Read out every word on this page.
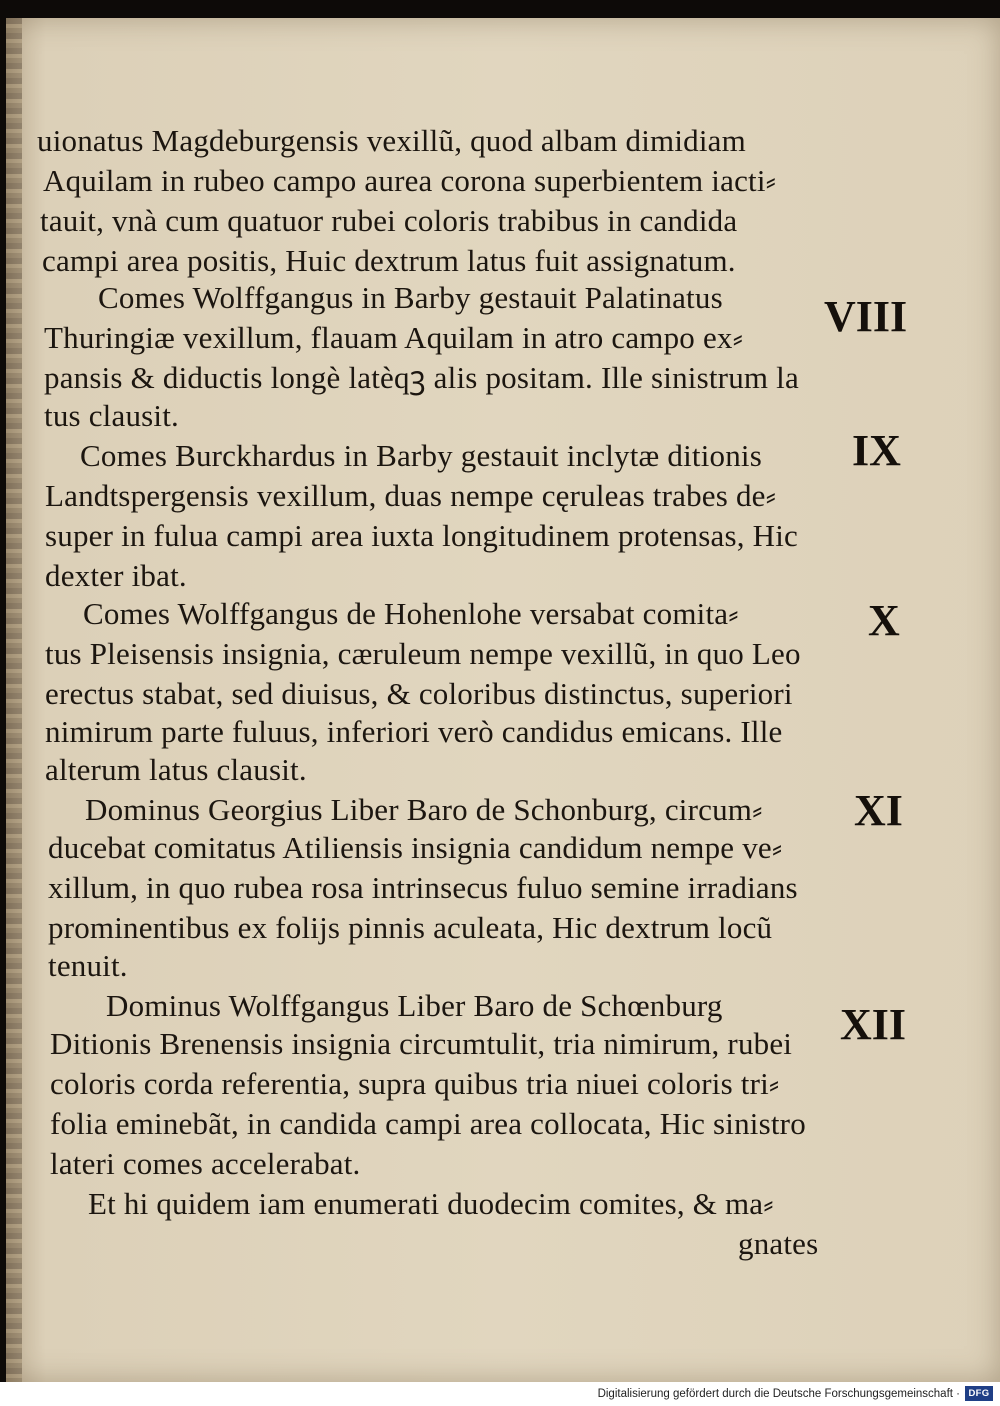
uionatus Magdeburgensis vexillũ, quod albam dimidiam
Aquilam in rubeo campo aurea corona superbientem iacti⸗
tauit, vnà cum quatuor rubei coloris trabibus in candida
campi area positis, Huic dextrum latus fuit assignatum.
Comes Wolffgangus in Barby gestauit Palatinatus
Thuringiæ vexillum, flauam Aquilam in atro campo ex⸗
pansis & diductis longè latèqꝫ alis positam. Ille sinistrum la
tus clausit.
Comes Burckhardus in Barby gestauit inclytæ ditionis
Landtspergensis vexillum, duas nempe cęruleas trabes de⸗
super in fulua campi area iuxta longitudinem protensas, Hic
dexter ibat.
Comes Wolffgangus de Hohenlohe versabat comita⸗
tus Pleisensis insignia, cæruleum nempe vexillũ, in quo Leo
erectus stabat, sed diuisus, & coloribus distinctus, superiori
nimirum parte fuluus, inferiori verò candidus emicans. Ille
alterum latus clausit.
Dominus Georgius Liber Baro de Schonburg, circum⸗
ducebat comitatus Atiliensis insignia candidum nempe ve⸗
xillum, in quo rubea rosa intrinsecus fuluo semine irradians
prominentibus ex folijs pinnis aculeata, Hic dextrum locũ
tenuit.
Dominus Wolffgangus Liber Baro de Schœnburg
Ditionis Brenensis insignia circumtulit, tria nimirum, rubei
coloris corda referentia, supra quibus tria niuei coloris tri⸗
folia eminebãt, in candida campi area collocata, Hic sinistro
lateri comes accelerabat.
Et hi quidem iam enumerati duodecim comites, & ma⸗
gnates
VIII
IX
X
XI
XII
Digitalisierung gefördert durch die Deutsche Forschungsgemeinschaft · DFG
